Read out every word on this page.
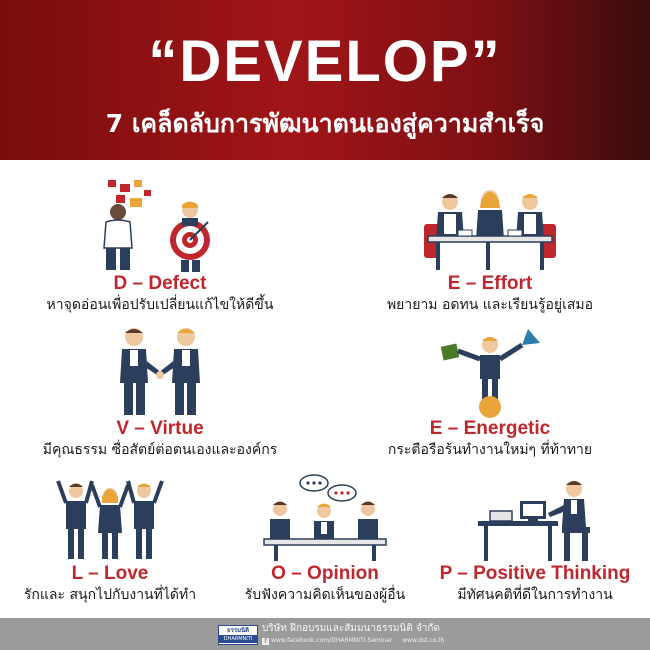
“DEVELOP”
7 เคล็ดลับการพัฒนาตนเองสู่ความสำเร็จ
D – Defect
หาจุดอ่อนเพื่อปรับเปลี่ยนแก้ไขให้ดีขึ้น
E – Effort
พยายาม อดทน และเรียนรู้อยู่เสมอ
V – Virtue
มีคุณธรรม ซื่อสัตย์ต่อตนเองและองค์กร
E – Energetic
กระตือรือร้นทำงานใหม่ๆ ที่ท้าทาย
L – Love
รักและ สนุกไปกับงานที่ได้ทำ
O – Opinion
รับฟังความคิดเห็นของผู้อื่น
P – Positive Thinking
มีทัศนคติที่ดีในการทำงาน
ธรรมนิติ
DHARMNITI
บริษัท ฝึกอบรมและสัมมนาธรรมนิติ จำกัด
f www.facebook.com/DHARMNITI.Seminar www.dst.co.th
